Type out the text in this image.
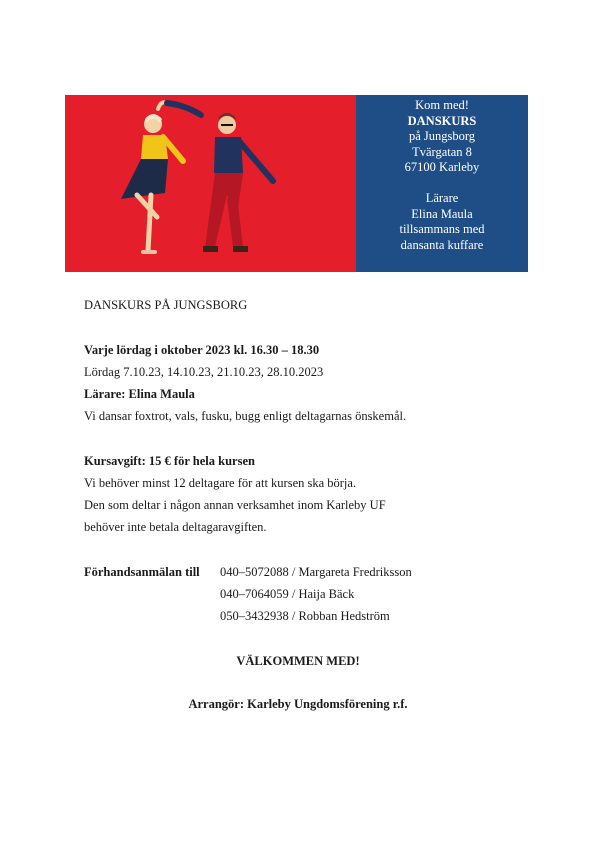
Kom med!
DANSKURS
på Jungsborg
Tvärgatan 8
67100 Karleby
Lärare
Elina Maula
tillsammans med
dansanta kuffare
DANSKURS PÅ JUNGSBORG
Varje lördag i oktober 2023 kl. 16.30 – 18.30
Lördag 7.10.23, 14.10.23, 21.10.23, 28.10.2023
Lärare: Elina Maula
Vi dansar foxtrot, vals, fusku, bugg enligt deltagarnas önskemål.
Kursavgift: 15 € för hela kursen
Vi behöver minst 12 deltagare för att kursen ska börja.
Den som deltar i någon annan verksamhet inom Karleby UF
behöver inte betala deltagaravgiften.
Förhandsanmälan till 040–5072088 / Margareta Fredriksson
040–7064059 / Haija Bäck
050–3432938 / Robban Hedström
VÄLKOMMEN MED!
Arrangör: Karleby Ungdomsförening r.f.
